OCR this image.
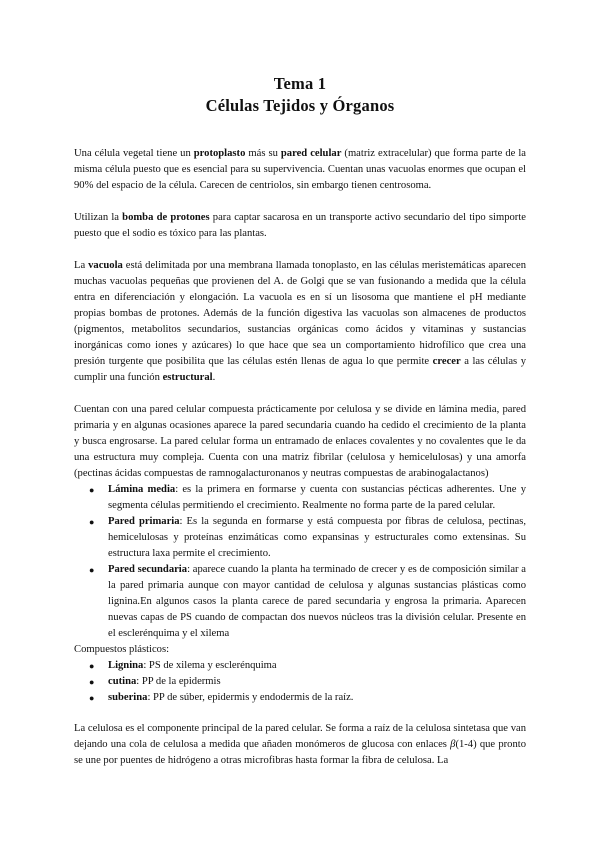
Tema 1
Células Tejidos y Órganos

Una célula vegetal tiene un protoplasto más su pared celular (matriz extracelular) que forma parte de la misma célula puesto que es esencial para su supervivencia. Cuentan unas vacuolas enormes que ocupan el 90% del espacio de la célula. Carecen de centriolos, sin embargo tienen centrosoma.

Utilizan la bomba de protones para captar sacarosa en un transporte activo secundario del tipo simporte puesto que el sodio es tóxico para las plantas.

La vacuola está delimitada por una membrana llamada tonoplasto, en las células meristemáticas aparecen muchas vacuolas pequeñas que provienen del A. de Golgi que se van fusionando a medida que la célula entra en diferenciación y elongación. La vacuola es en sí un lisosoma que mantiene el pH mediante propias bombas de protones. Además de la función digestiva las vacuolas son almacenes de productos (pigmentos, metabolitos secundarios, sustancias orgánicas como ácidos y vitaminas y sustancias inorgánicas como iones y azúcares) lo que hace que sea un comportamiento hidrofílico que crea una presión turgente que posibilita que las células estén llenas de agua lo que permite crecer a las células y cumplir una función estructural.

Cuentan con una pared celular compuesta prácticamente por celulosa y se divide en lámina media, pared primaria y en algunas ocasiones aparece la pared secundaria cuando ha cedido el crecimiento de la planta y busca engrosarse. La pared celular forma un entramado de enlaces covalentes y no covalentes que le da una estructura muy compleja. Cuenta con una matriz fibrilar (celulosa y hemicelulosas) y una amorfa (pectinas ácidas compuestas de ramnogalacturonanos y neutras compuestas de arabinogalactanos)

● Lámina media: es la primera en formarse y cuenta con sustancias pécticas adherentes. Une y segmenta células permitiendo el crecimiento. Realmente no forma parte de la pared celular.
● Pared primaria: Es la segunda en formarse y está compuesta por fibras de celulosa, pectinas, hemicelulosas y proteínas enzimáticas como expansinas y estructurales como extensinas. Su estructura laxa permite el crecimiento.
● Pared secundaria: aparece cuando la planta ha terminado de crecer y es de composición similar a la pared primaria aunque con mayor cantidad de celulosa y algunas sustancias plásticas como lignina.En algunos casos la planta carece de pared secundaria y engrosa la primaria. Aparecen nuevas capas de PS cuando de compactan dos nuevos núcleos tras la división celular. Presente en el esclerénquima y el xilema

Compuestos plásticos:

● Lignina: PS de xilema y esclerénquima
● cutina: PP de la epidermis
● suberina: PP de súber, epidermis y endodermis de la raíz.

La celulosa es el componente principal de la pared celular. Se forma a raíz de la celulosa sintetasa que van dejando una cola de celulosa a medida que añaden monómeros de glucosa con enlaces β(1-4) que pronto se une por puentes de hidrógeno a otras microfibras hasta formar la fibra de celulosa. La
